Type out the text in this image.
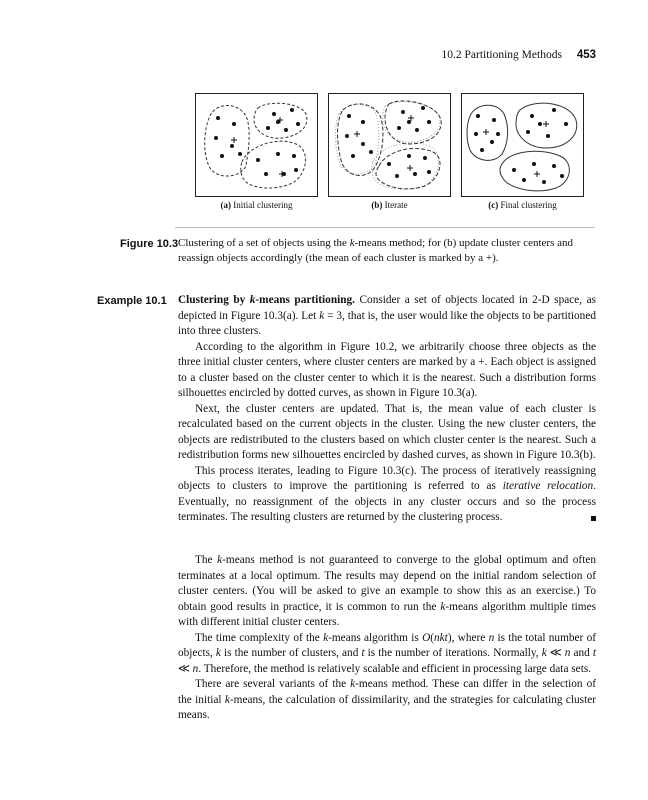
10.2 Partitioning Methods 453
(a) Initial clustering	(b) Iterate	(c) Final clustering
Figure 10.3 Clustering of a set of objects using the k-means method; for (b) update cluster centers and reassign objects accordingly (the mean of each cluster is marked by a +).
Example 10.1 Clustering by k-means partitioning. Consider a set of objects located in 2-D space, as depicted in Figure 10.3(a). Let k = 3, that is, the user would like the objects to be partitioned into three clusters.

According to the algorithm in Figure 10.2, we arbitrarily choose three objects as the three initial cluster centers, where cluster centers are marked by a +. Each object is assigned to a cluster based on the cluster center to which it is the nearest. Such a distribution forms silhouettes encircled by dotted curves, as shown in Figure 10.3(a).

Next, the cluster centers are updated. That is, the mean value of each cluster is recalculated based on the current objects in the cluster. Using the new cluster centers, the objects are redistributed to the clusters based on which cluster center is the nearest. Such a redistribution forms new silhouettes encircled by dashed curves, as shown in Figure 10.3(b).

This process iterates, leading to Figure 10.3(c). The process of iteratively reassigning objects to clusters to improve the partitioning is referred to as iterative relocation. Eventually, no reassignment of the objects in any cluster occurs and so the process terminates. The resulting clusters are returned by the clustering process.

The k-means method is not guaranteed to converge to the global optimum and often terminates at a local optimum. The results may depend on the initial random selection of cluster centers. (You will be asked to give an example to show this as an exercise.) To obtain good results in practice, it is common to run the k-means algorithm multiple times with different initial cluster centers.

The time complexity of the k-means algorithm is O(nkt), where n is the total number of objects, k is the number of clusters, and t is the number of iterations. Normally, k ≪ n and t ≪ n. Therefore, the method is relatively scalable and efficient in processing large data sets.

There are several variants of the k-means method. These can differ in the selection of the initial k-means, the calculation of dissimilarity, and the strategies for calculating cluster means.
